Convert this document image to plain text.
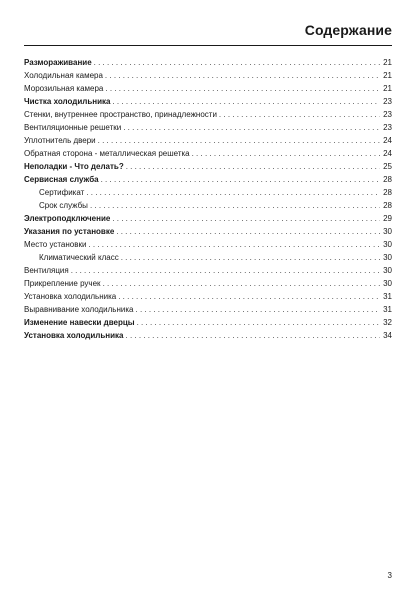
Содержание
Размораживание . . .	21
Холодильная камера . . .	21
Морозильная камера . . .	21
Чистка холодильника . . .	23
Стенки, внутреннее пространство, принадлежности . . .	23
Вентиляционные решетки . . .	23
Уплотнитель двери . . .	24
Обратная сторона - металлическая решетка . . .	24
Неполадки - Что делать? . . .	25
Сервисная служба . . .	28
Сертификат . . .	28
Срок службы . . .	28
Электроподключение . . .	29
Указания по установке . . .	30
Место установки . . .	30
Климатический класс . . .	30
Вентиляция . . .	30
Прикрепление ручек . . .	30
Установка холодильника . . .	31
Выравнивание холодильника . . .	31
Изменение навески дверцы . . .	32
Установка холодильника . . .	34
3
